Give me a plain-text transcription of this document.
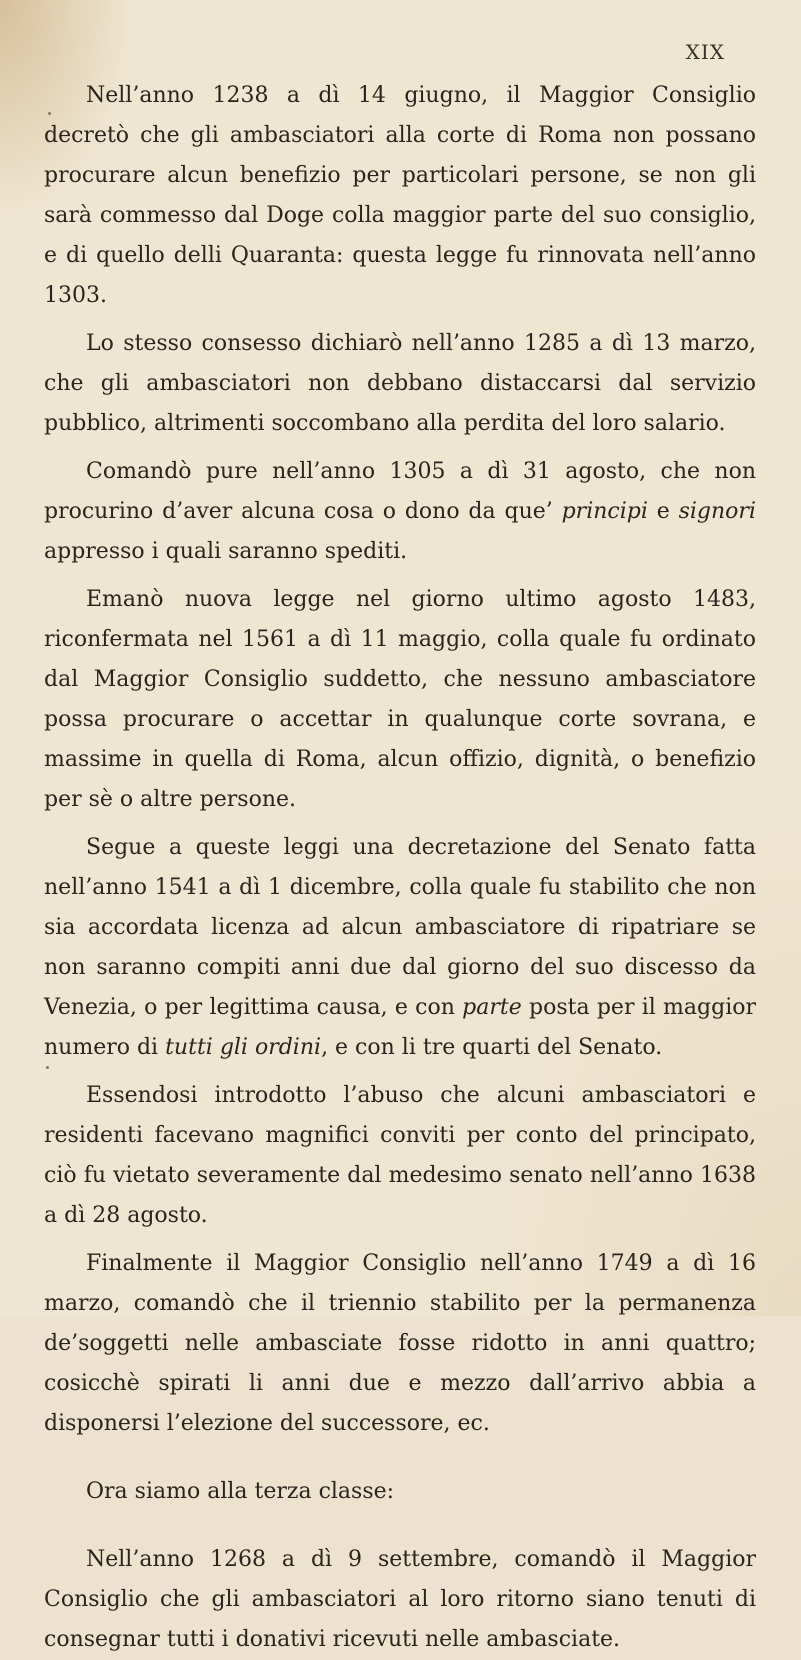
XIX

Nell’anno 1238 a dì 14 giugno, il Maggior Consiglio decretò che gli ambasciatori alla corte di Roma non possano procurare alcun benefizio per particolari persone, se non gli sarà commesso dal Doge colla maggior parte del suo consiglio, e di quello delli Quaranta: questa legge fu rinnovata nell’anno 1303.

Lo stesso consesso dichiarò nell’anno 1285 a dì 13 marzo, che gli ambasciatori non debbano distaccarsi dal servizio pubblico, altrimenti soccombano alla perdita del loro salario.

Comandò pure nell’anno 1305 a dì 31 agosto, che non procurino d’aver alcuna cosa o dono da que’ principi e signori appresso i quali saranno spediti.

Emanò nuova legge nel giorno ultimo agosto 1483, riconfermata nel 1561 a dì 11 maggio, colla quale fu ordinato dal Maggior Consiglio suddetto, che nessuno ambasciatore possa procurare o accettar in qualunque corte sovrana, e massime in quella di Roma, alcun offizio, dignità, o benefizio per sè o altre persone.

Segue a queste leggi una decretazione del Senato fatta nell’anno 1541 a dì 1 dicembre, colla quale fu stabilito che non sia accordata licenza ad alcun ambasciatore di ripatriare se non saranno compiti anni due dal giorno del suo discesso da Venezia, o per legittima causa, e con parte posta per il maggior numero di tutti gli ordini, e con li tre quarti del Senato.

Essendosi introdotto l’abuso che alcuni ambasciatori e residenti facevano magnifici conviti per conto del principato, ciò fu vietato severamente dal medesimo senato nell’anno 1638 a dì 28 agosto.

Finalmente il Maggior Consiglio nell’anno 1749 a dì 16 marzo, comandò che il triennio stabilito per la permanenza de’soggetti nelle ambasciate fosse ridotto in anni quattro; cosicchè spirati li anni due e mezzo dall’arrivo abbia a disponersi l’elezione del successore, ec.

Ora siamo alla terza classe:

Nell’anno 1268 a dì 9 settembre, comandò il Maggior Consiglio che gli ambasciatori al loro ritorno siano tenuti di consegnar tutti i donativi ricevuti nelle ambasciate.
